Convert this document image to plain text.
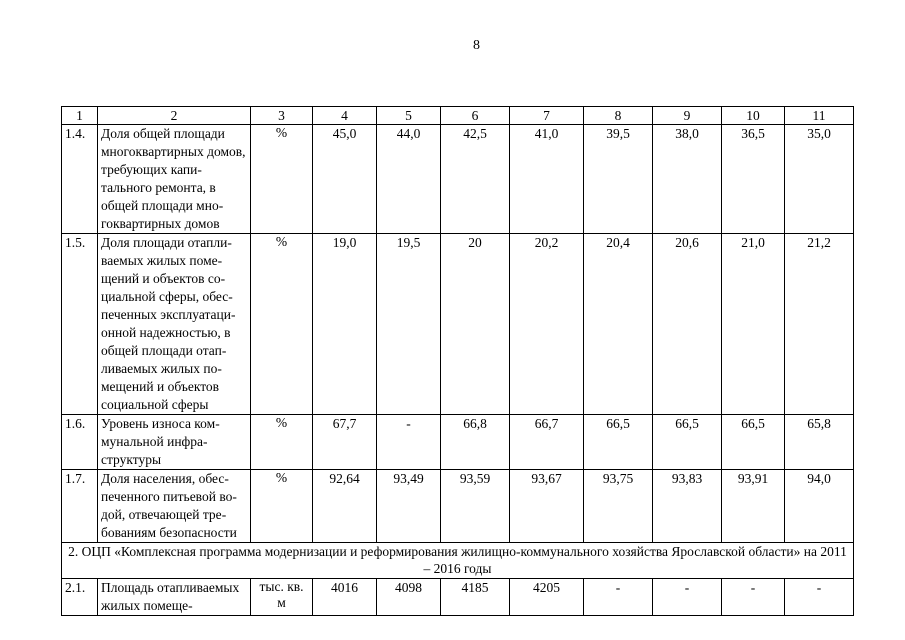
8
1	2	3	4	5	6	7	8	9	10	11
1.4.	Доля общей площади многоквартирных домов, требующих капитального ремонта, в общей площади многоквартирных домов	%	45,0	44,0	42,5	41,0	39,5	38,0	36,5	35,0
1.5.	Доля площади отапливаемых жилых помещений и объектов социальной сферы, обеспеченных эксплуатационной надежностью, в общей площади отапливаемых жилых помещений и объектов социальной сферы	%	19,0	19,5	20	20,2	20,4	20,6	21,0	21,2
1.6.	Уровень износа коммунальной инфраструктуры	%	67,7	-	66,8	66,7	66,5	66,5	66,5	65,8
1.7.	Доля населения, обеспеченного питьевой водой, отвечающей требованиям безопасности	%	92,64	93,49	93,59	93,67	93,75	93,83	93,91	94,0
2. ОЦП «Комплексная программа модернизации и реформирования жилищно-коммунального хозяйства Ярославской области» на 2011 – 2016 годы										
2.1.	Площадь отапливаемых жилых помеще-	тыс. кв. м	4016	4098	4185	4205	-	-	-	-
